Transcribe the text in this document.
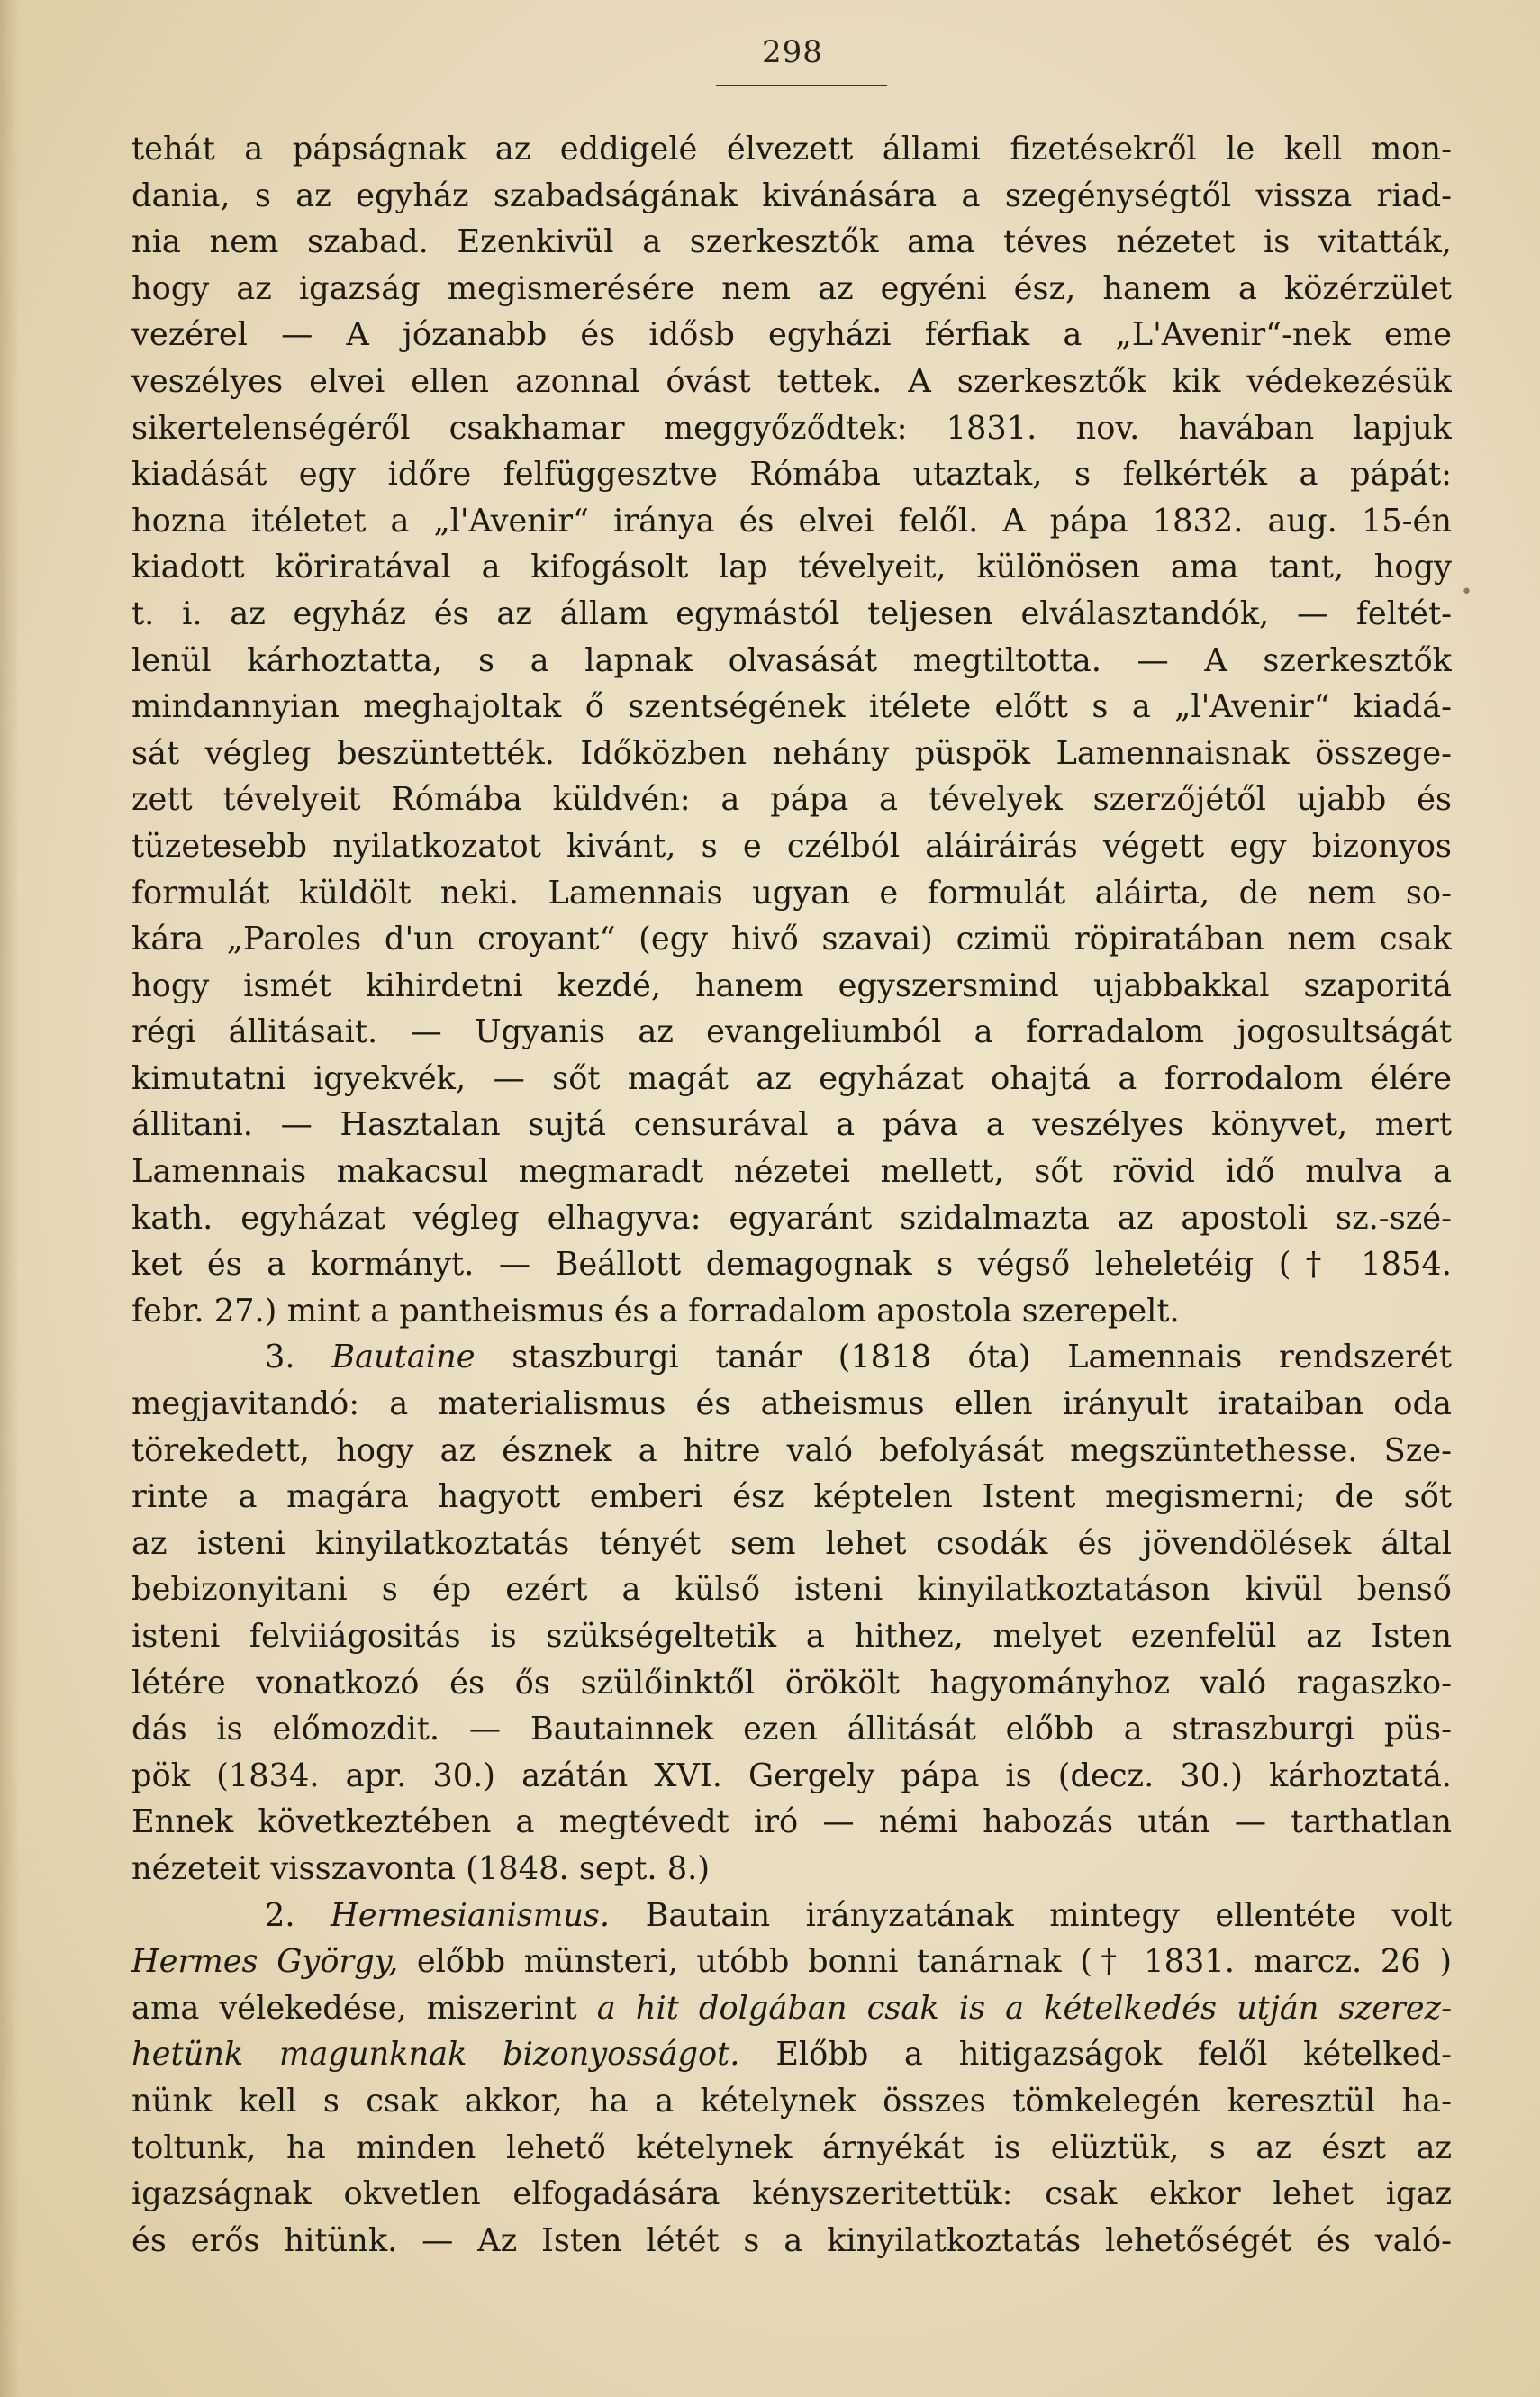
298
tehát a pápságnak az eddigelé élvezett állami fizetésekről le kell mon-
dania, s az egyház szabadságának kivánására a szegénységtől vissza riad-
nia nem szabad. Ezenkivül a szerkesztők ama téves nézetet is vitatták,
hogy az igazság megismerésére nem az egyéni ész, hanem a közérzület
vezérel — A józanabb és idősb egyházi férfiak a „L'Avenir“-nek eme
veszélyes elvei ellen azonnal óvást tettek. A szerkesztők kik védekezésük
sikertelenségéről csakhamar meggyőződtek: 1831. nov. havában lapjuk
kiadását egy időre felfüggesztve Rómába utaztak, s felkérték a pápát:
hozna itéletet a „l'Avenir“ iránya és elvei felől. A pápa 1832. aug. 15-én
kiadott köriratával a kifogásolt lap tévelyeit, különösen ama tant, hogy
t. i. az egyház és az állam egymástól teljesen elválasztandók, — feltét-
lenül kárhoztatta, s a lapnak olvasását megtiltotta. — A szerkesztők
mindannyian meghajoltak ő szentségének itélete előtt s a „l'Avenir“ kiadá-
sát végleg beszüntették. Időközben nehány püspök Lamennaisnak összege-
zett tévelyeit Rómába küldvén: a pápa a tévelyek szerzőjétől ujabb és
tüzetesebb nyilatkozatot kivánt, s e czélból aláiráirás végett egy bizonyos
formulát küldölt neki. Lamennais ugyan e formulát aláirta, de nem so-
kára „Paroles d'un croyant“ (egy hivő szavai) czimü röpiratában nem csak
hogy ismét kihirdetni kezdé, hanem egyszersmind ujabbakkal szaporitá
régi állitásait. — Ugyanis az evangeliumból a forradalom jogosultságát
kimutatni igyekvék, — sőt magát az egyházat ohajtá a forrodalom élére
állitani. — Hasztalan sujtá censurával a páva a veszélyes könyvet, mert
Lamennais makacsul megmaradt nézetei mellett, sőt rövid idő mulva a
kath. egyházat végleg elhagyva: egyaránt szidalmazta az apostoli sz.-szé-
ket és a kormányt. — Beállott demagognak s végső leheletéig († 1854.
febr. 27.) mint a pantheismus és a forradalom apostola szerepelt.
3. Bautaine staszburgi tanár (1818 óta) Lamennais rendszerét
megjavitandó: a materialismus és atheismus ellen irányult irataiban oda
törekedett, hogy az észnek a hitre való befolyását megszüntethesse. Sze-
rinte a magára hagyott emberi ész képtelen Istent megismerni; de sőt
az isteni kinyilatkoztatás tényét sem lehet csodák és jövendölések által
bebizonyitani s ép ezért a külső isteni kinyilatkoztatáson kivül benső
isteni felviiágositás is szükségeltetik a hithez, melyet ezenfelül az Isten
létére vonatkozó és ős szülőinktől örökölt hagyományhoz való ragaszko-
dás is előmozdit. — Bautainnek ezen állitását előbb a straszburgi püs-
pök (1834. apr. 30.) azátán XVI. Gergely pápa is (decz. 30.) kárhoztatá.
Ennek következtében a megtévedt iró — némi habozás után — tarthatlan
nézeteit visszavonta (1848. sept. 8.)
2. Hermesianismus. Bautain irányzatának mintegy ellentéte volt
Hermes György, előbb münsteri, utóbb bonni tanárnak († 1831. marcz. 26 )
ama vélekedése, miszerint a hit dolgában csak is a kételkedés utján szerez-
hetünk magunknak bizonyosságot. Előbb a hitigazságok felől kételked-
nünk kell s csak akkor, ha a kételynek összes tömkelegén keresztül ha-
toltunk, ha minden lehető kételynek árnyékát is elüztük, s az észt az
igazságnak okvetlen elfogadására kényszeritettük: csak ekkor lehet igaz
és erős hitünk. — Az Isten létét s a kinyilatkoztatás lehetőségét és való-
•
